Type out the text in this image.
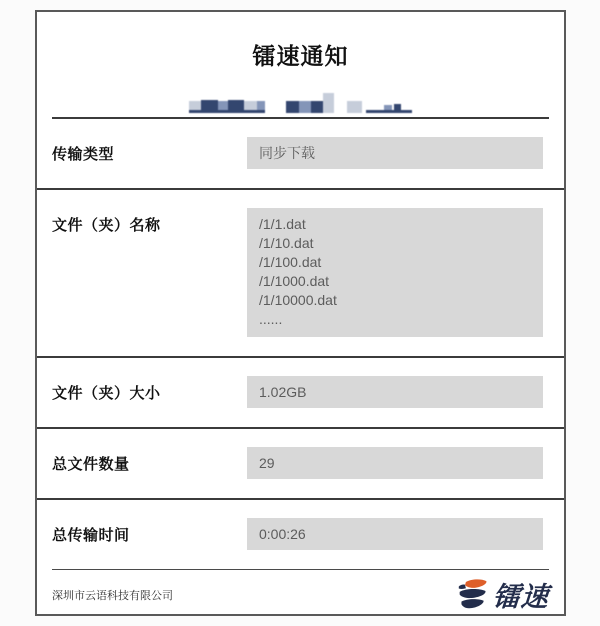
镭速通知
传输类型	同步下载
文件（夹）名称	/1/1.dat
/1/10.dat
/1/100.dat
/1/1000.dat
/1/10000.dat
......
文件（夹）大小	1.02GB
总文件数量	29
总传输时间	0:00:26
深圳市云语科技有限公司	镭速
